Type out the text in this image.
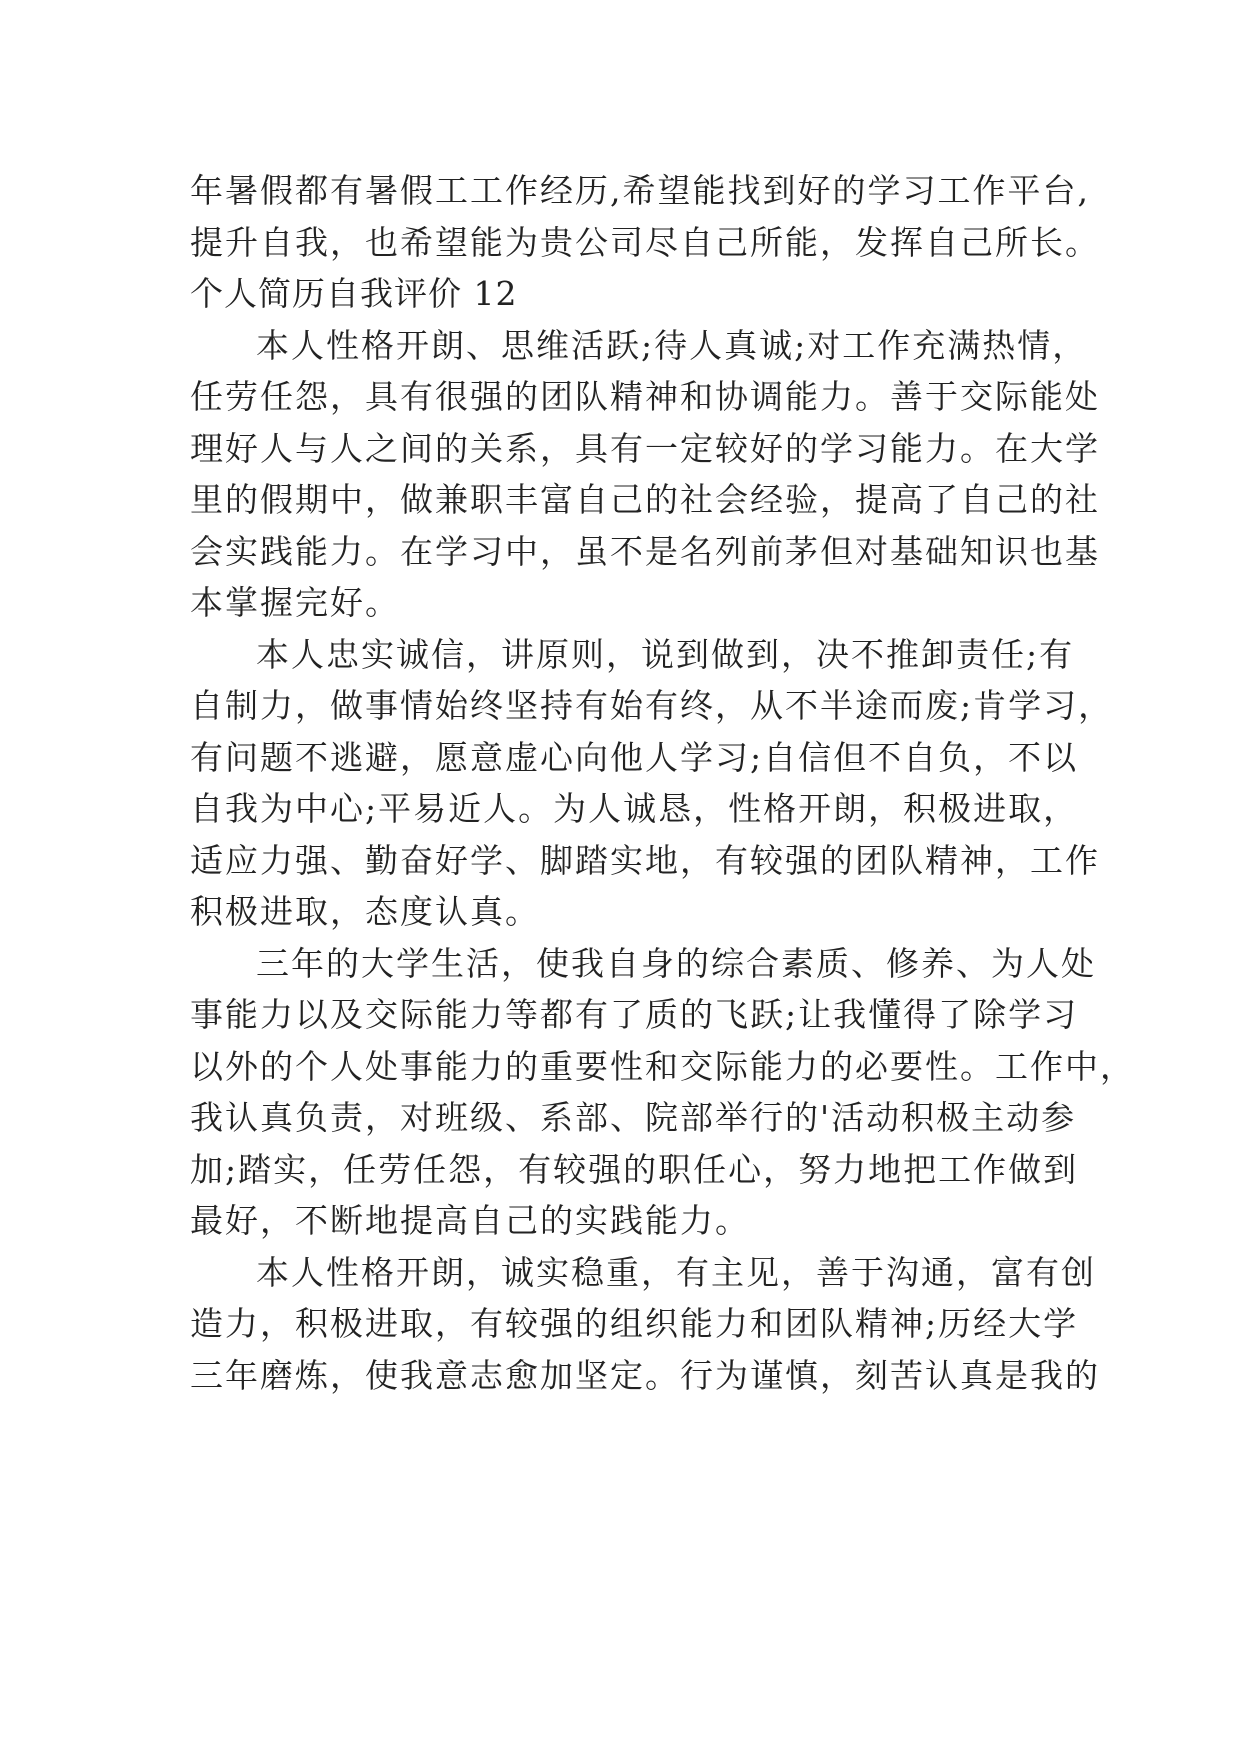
年暑假都有暑假工工作经历,希望能找到好的学习工作平台,
提升自我，也希望能为贵公司尽自己所能，发挥自己所长。
个人简历自我评价 12
本人性格开朗、思维活跃;待人真诚;对工作充满热情，
任劳任怨，具有很强的团队精神和协调能力。善于交际能处
理好人与人之间的关系，具有一定较好的学习能力。在大学
里的假期中，做兼职丰富自己的社会经验，提高了自己的社
会实践能力。在学习中，虽不是名列前茅但对基础知识也基
本掌握完好。
本人忠实诚信，讲原则，说到做到，决不推卸责任;有
自制力，做事情始终坚持有始有终，从不半途而废;肯学习，
有问题不逃避，愿意虚心向他人学习;自信但不自负，不以
自我为中心;平易近人。为人诚恳，性格开朗，积极进取，
适应力强、勤奋好学、脚踏实地，有较强的团队精神，工作
积极进取，态度认真。
三年的大学生活，使我自身的综合素质、修养、为人处
事能力以及交际能力等都有了质的飞跃;让我懂得了除学习
以外的个人处事能力的重要性和交际能力的必要性。工作中，
我认真负责，对班级、系部、院部举行的'活动积极主动参
加;踏实，任劳任怨，有较强的职任心，努力地把工作做到
最好，不断地提高自己的实践能力。
本人性格开朗，诚实稳重，有主见，善于沟通，富有创
造力，积极进取，有较强的组织能力和团队精神;历经大学
三年磨炼，使我意志愈加坚定。行为谨慎，刻苦认真是我的
